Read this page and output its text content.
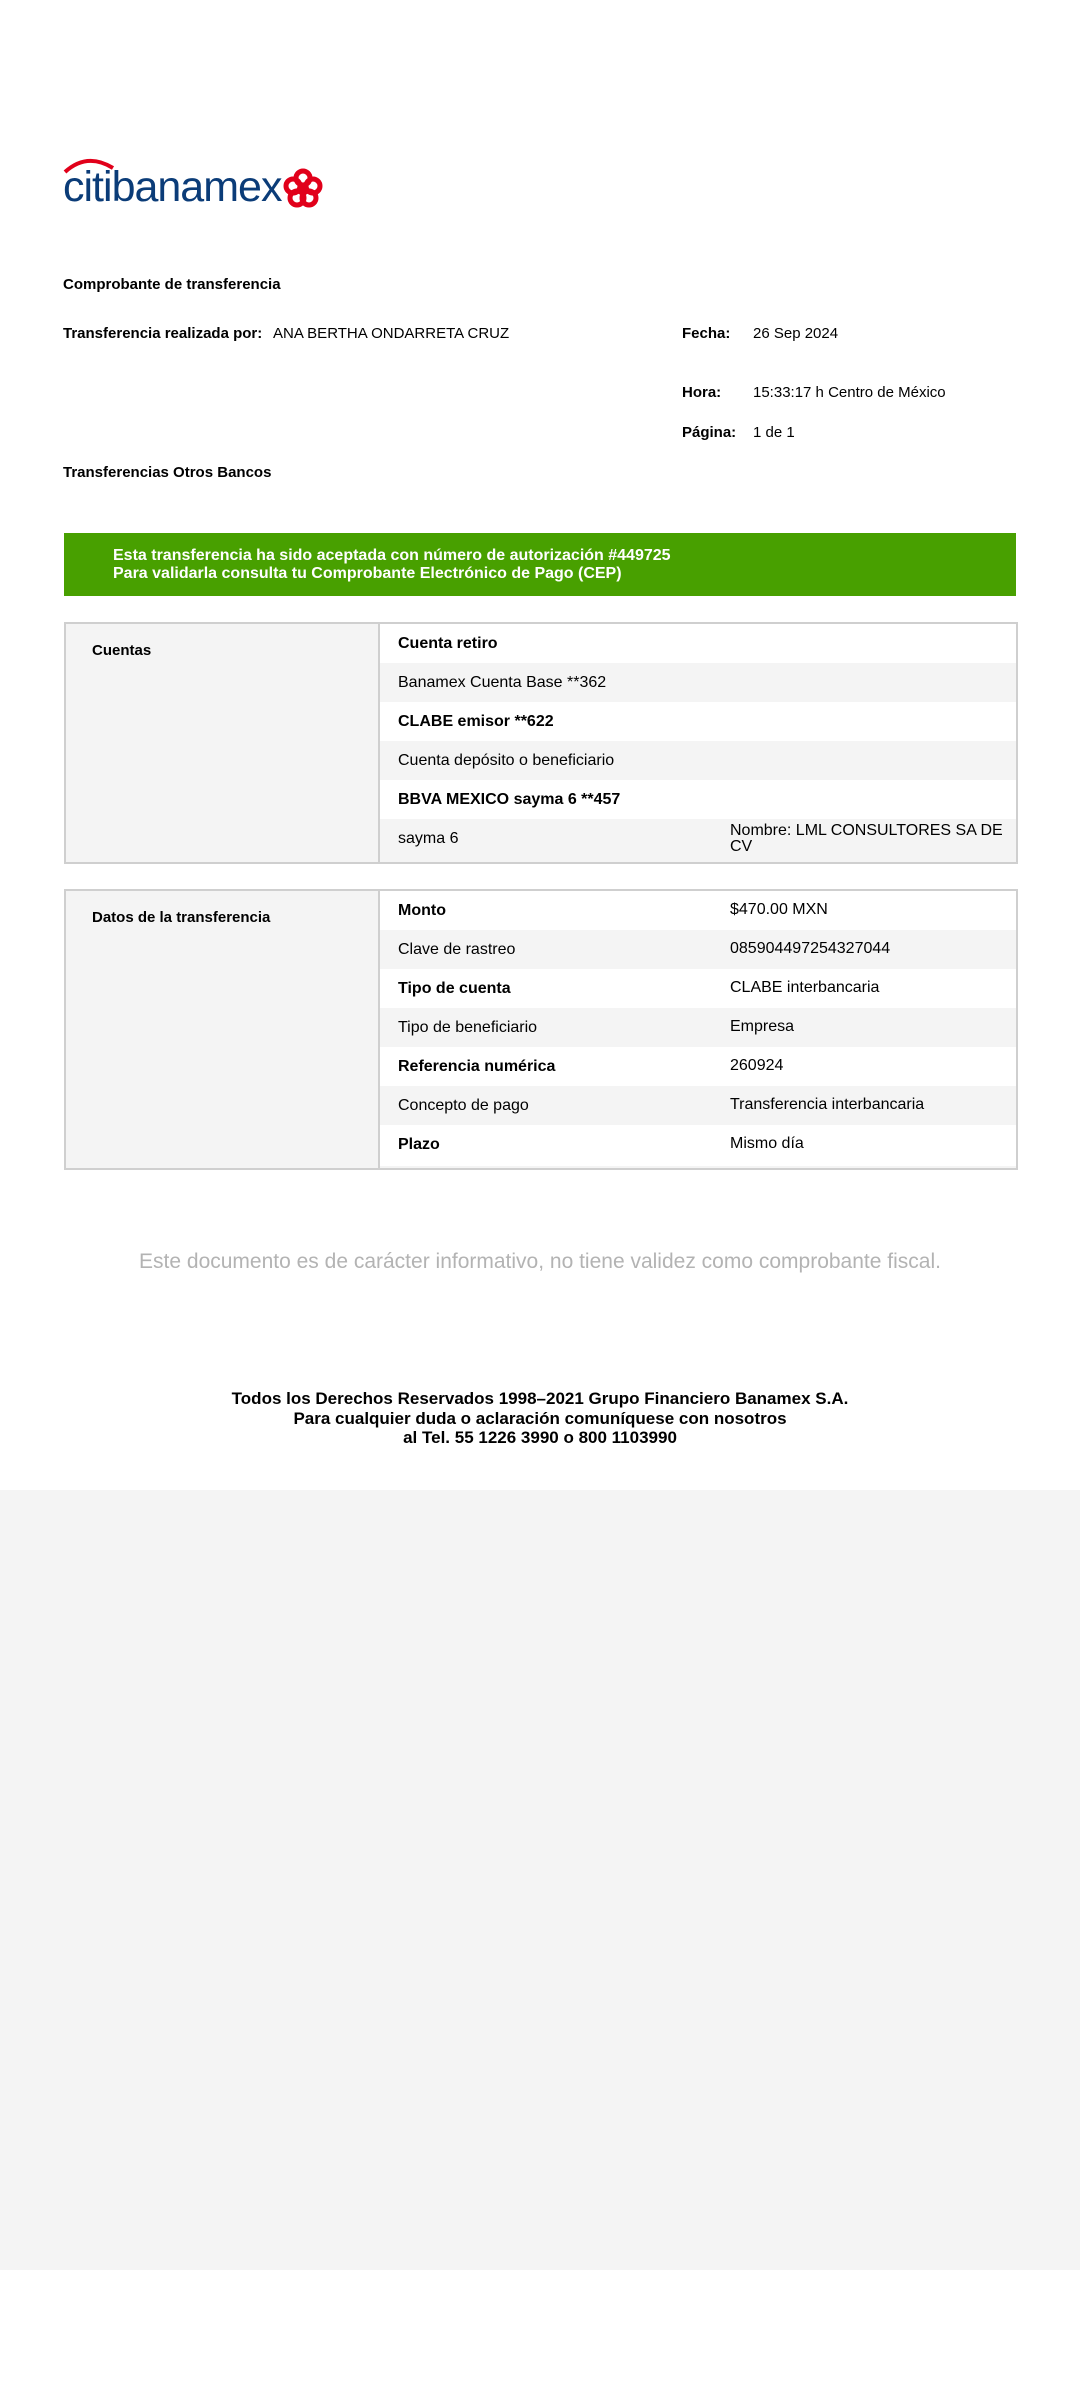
citi banamex
Comprobante de transferencia
Transferencia realizada por: ANA BERTHA ONDARRETA CRUZ	Fecha: 26 Sep 2024
Hora: 15:33:17 h Centro de México
Página: 1 de 1
Transferencias Otros Bancos
Esta transferencia ha sido aceptada con número de autorización #449725
Para validarla consulta tu Comprobante Electrónico de Pago (CEP)
Cuentas	Cuenta retiro
Banamex Cuenta Base **362
CLABE emisor **622
Cuenta depósito o beneficiario
BBVA MEXICO sayma 6 **457
sayma 6	Nombre: LML CONSULTORES SA DE CV
Datos de la transferencia	Monto	$470.00 MXN
Clave de rastreo	085904497254327044
Tipo de cuenta	CLABE interbancaria
Tipo de beneficiario	Empresa
Referencia numérica	260924
Concepto de pago	Transferencia interbancaria
Plazo	Mismo día
Este documento es de carácter informativo, no tiene validez como comprobante fiscal.
Todos los Derechos Reservados 1998–2021 Grupo Financiero Banamex S.A.
Para cualquier duda o aclaración comuníquese con nosotros
al Tel. 55 1226 3990 o 800 1103990
